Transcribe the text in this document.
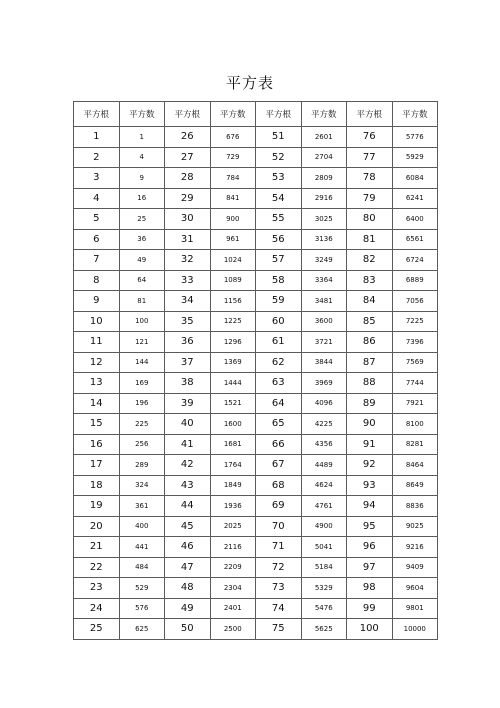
平方表
平方根	平方数	平方根	平方数	平方根	平方数	平方根	平方数
1	1	26	676	51	2601	76	5776
2	4	27	729	52	2704	77	5929
3	9	28	784	53	2809	78	6084
4	16	29	841	54	2916	79	6241
5	25	30	900	55	3025	80	6400
6	36	31	961	56	3136	81	6561
7	49	32	1024	57	3249	82	6724
8	64	33	1089	58	3364	83	6889
9	81	34	1156	59	3481	84	7056
10	100	35	1225	60	3600	85	7225
11	121	36	1296	61	3721	86	7396
12	144	37	1369	62	3844	87	7569
13	169	38	1444	63	3969	88	7744
14	196	39	1521	64	4096	89	7921
15	225	40	1600	65	4225	90	8100
16	256	41	1681	66	4356	91	8281
17	289	42	1764	67	4489	92	8464
18	324	43	1849	68	4624	93	8649
19	361	44	1936	69	4761	94	8836
20	400	45	2025	70	4900	95	9025
21	441	46	2116	71	5041	96	9216
22	484	47	2209	72	5184	97	9409
23	529	48	2304	73	5329	98	9604
24	576	49	2401	74	5476	99	9801
25	625	50	2500	75	5625	100	10000
